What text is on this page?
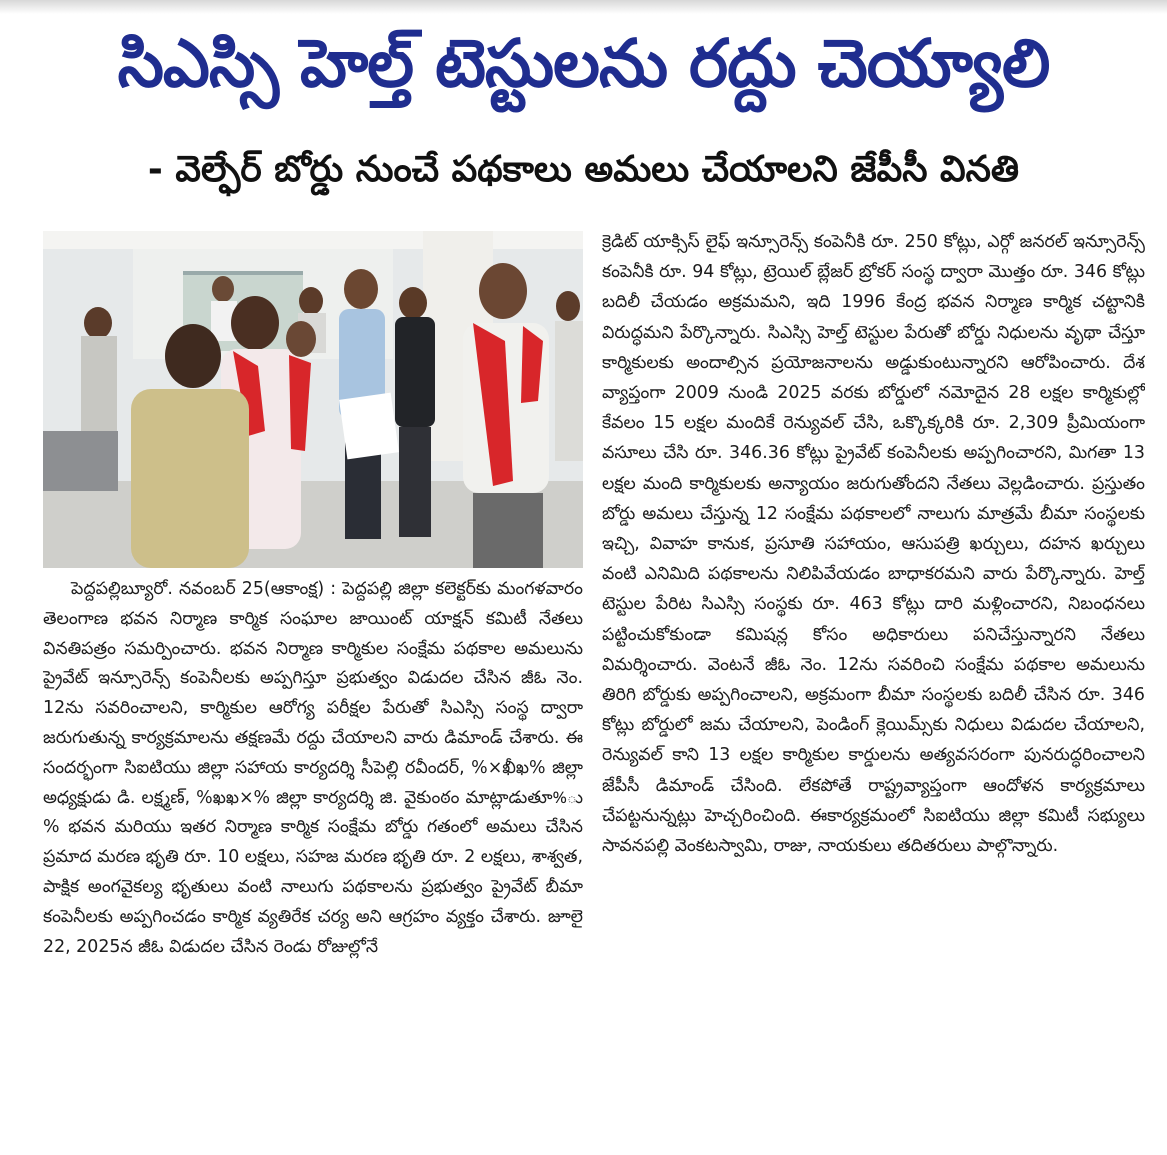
సిఎస్సి హెల్త్ టెస్టులను రద్దు చెయ్యాలి
- వెల్ఫేర్ బోర్డు నుంచే పథకాలు అమలు చేయాలని జేపీసీ వినతి

పెద్దపల్లిబ్యూరో. నవంబర్ 25(ఆకాంక్ష) : పెద్దపల్లి జిల్లా కలెక్టర్‌కు మంగళవారం తెలంగాణ భవన నిర్మాణ కార్మిక సంఘాల జాయింట్ యాక్షన్ కమిటీ నేతలు వినతిపత్రం సమర్పించారు. భవన నిర్మాణ కార్మికుల సంక్షేమ పథకాల అమలును ప్రైవేట్ ఇన్సూరెన్స్ కంపెనీలకు అప్పగిస్తూ ప్రభుత్వం విడుదల చేసిన జీఓ నెం. 12ను సవరించాలని, కార్మికుల ఆరోగ్య పరీక్షల పేరుతో సిఎస్సి సంస్థ ద్వారా జరుగుతున్న కార్యక్రమాలను తక్షణమే రద్దు చేయాలని వారు డిమాండ్ చేశారు. ఈ సందర్భంగా సిఐటియు జిల్లా సహాయ కార్యదర్శి సీపెల్లి రవీందర్, %×ఖీఖ% జిల్లా అధ్యక్షుడు డి. లక్ష్మణ్, %ఖఖ×% జిల్లా కార్యదర్శి జి. వైకుంఠం మాట్లాడుతూ%ు% భవన మరియు ఇతర నిర్మాణ కార్మిక సంక్షేమ బోర్డు గతంలో అమలు చేసిన ప్రమాద మరణ భృతి రూ. 10 లక్షలు, సహజ మరణ భృతి రూ. 2 లక్షలు, శాశ్వత, పాక్షిక అంగవైకల్య భృతులు వంటి నాలుగు పథకాలను ప్రభుత్వం ప్రైవేట్ బీమా కంపెనీలకు అప్పగించడం కార్మిక వ్యతిరేక చర్య అని ఆగ్రహం వ్యక్తం చేశారు. జూలై 22, 2025న జీఓ విడుదల చేసిన రెండు రోజుల్లోనే

క్రెడిట్ యాక్సిస్ లైఫ్ ఇన్సూరెన్స్ కంపెనీకి రూ. 250 కోట్లు, ఎర్గో జనరల్ ఇన్సూరెన్స్ కంపెనీకి రూ. 94 కోట్లు, ట్రెయిల్ బ్లేజర్ బ్రోకర్ సంస్థ ద్వారా మొత్తం రూ. 346 కోట్లు బదిలీ చేయడం అక్రమమని, ఇది 1996 కేంద్ర భవన నిర్మాణ కార్మిక చట్టానికి విరుద్ధమని పేర్కొన్నారు. సిఎస్సి హెల్త్ టెస్టుల పేరుతో బోర్డు నిధులను వృథా చేస్తూ కార్మికులకు అందాల్సిన ప్రయోజనాలను అడ్డుకుంటున్నారని ఆరోపించారు. దేశ వ్యాప్తంగా 2009 నుండి 2025 వరకు బోర్డులో నమోదైన 28 లక్షల కార్మికుల్లో కేవలం 15 లక్షల మందికే రెన్యువల్ చేసి, ఒక్కొక్కరికి రూ. 2,309 ప్రీమియంగా వసూలు చేసి రూ. 346.36 కోట్లు ప్రైవేట్ కంపెనీలకు అప్పగించారని, మిగతా 13 లక్షల మంది కార్మికులకు అన్యాయం జరుగుతోందని నేతలు వెల్లడించారు. ప్రస్తుతం బోర్డు అమలు చేస్తున్న 12 సంక్షేమ పథకాలలో నాలుగు మాత్రమే బీమా సంస్థలకు ఇచ్చి, వివాహ కానుక, ప్రసూతి సహాయం, ఆసుపత్రి ఖర్చులు, దహన ఖర్చులు వంటి ఎనిమిది పథకాలను నిలిపివేయడం బాధాకరమని వారు పేర్కొన్నారు. హెల్త్ టెస్టుల పేరిట సిఎస్సి సంస్థకు రూ. 463 కోట్లు దారి మళ్లించారని, నిబంధనలు పట్టించుకోకుండా కమిషన్ల కోసం అధికారులు పనిచేస్తున్నారని నేతలు విమర్శించారు. వెంటనే జీఓ నెం. 12ను సవరించి సంక్షేమ పథకాల అమలును తిరిగి బోర్డుకు అప్పగించాలని, అక్రమంగా బీమా సంస్థలకు బదిలీ చేసిన రూ. 346 కోట్లు బోర్డులో జమ చేయాలని, పెండింగ్ క్లెయిమ్స్‌కు నిధులు విడుదల చేయాలని, రెన్యువల్ కాని 13 లక్షల కార్మికుల కార్డులను అత్యవసరంగా పునరుద్ధరించాలని జేపీసీ డిమాండ్ చేసింది. లేకపోతే రాష్ట్రవ్యాప్తంగా ఆందోళన కార్యక్రమాలు చేపట్టనున్నట్లు హెచ్చరించింది. ఈకార్యక్రమంలో సిఐటియు జిల్లా కమిటీ సభ్యులు సావనపల్లి వెంకటస్వామి, రాజు, నాయకులు తదితరులు పాల్గొన్నారు.
